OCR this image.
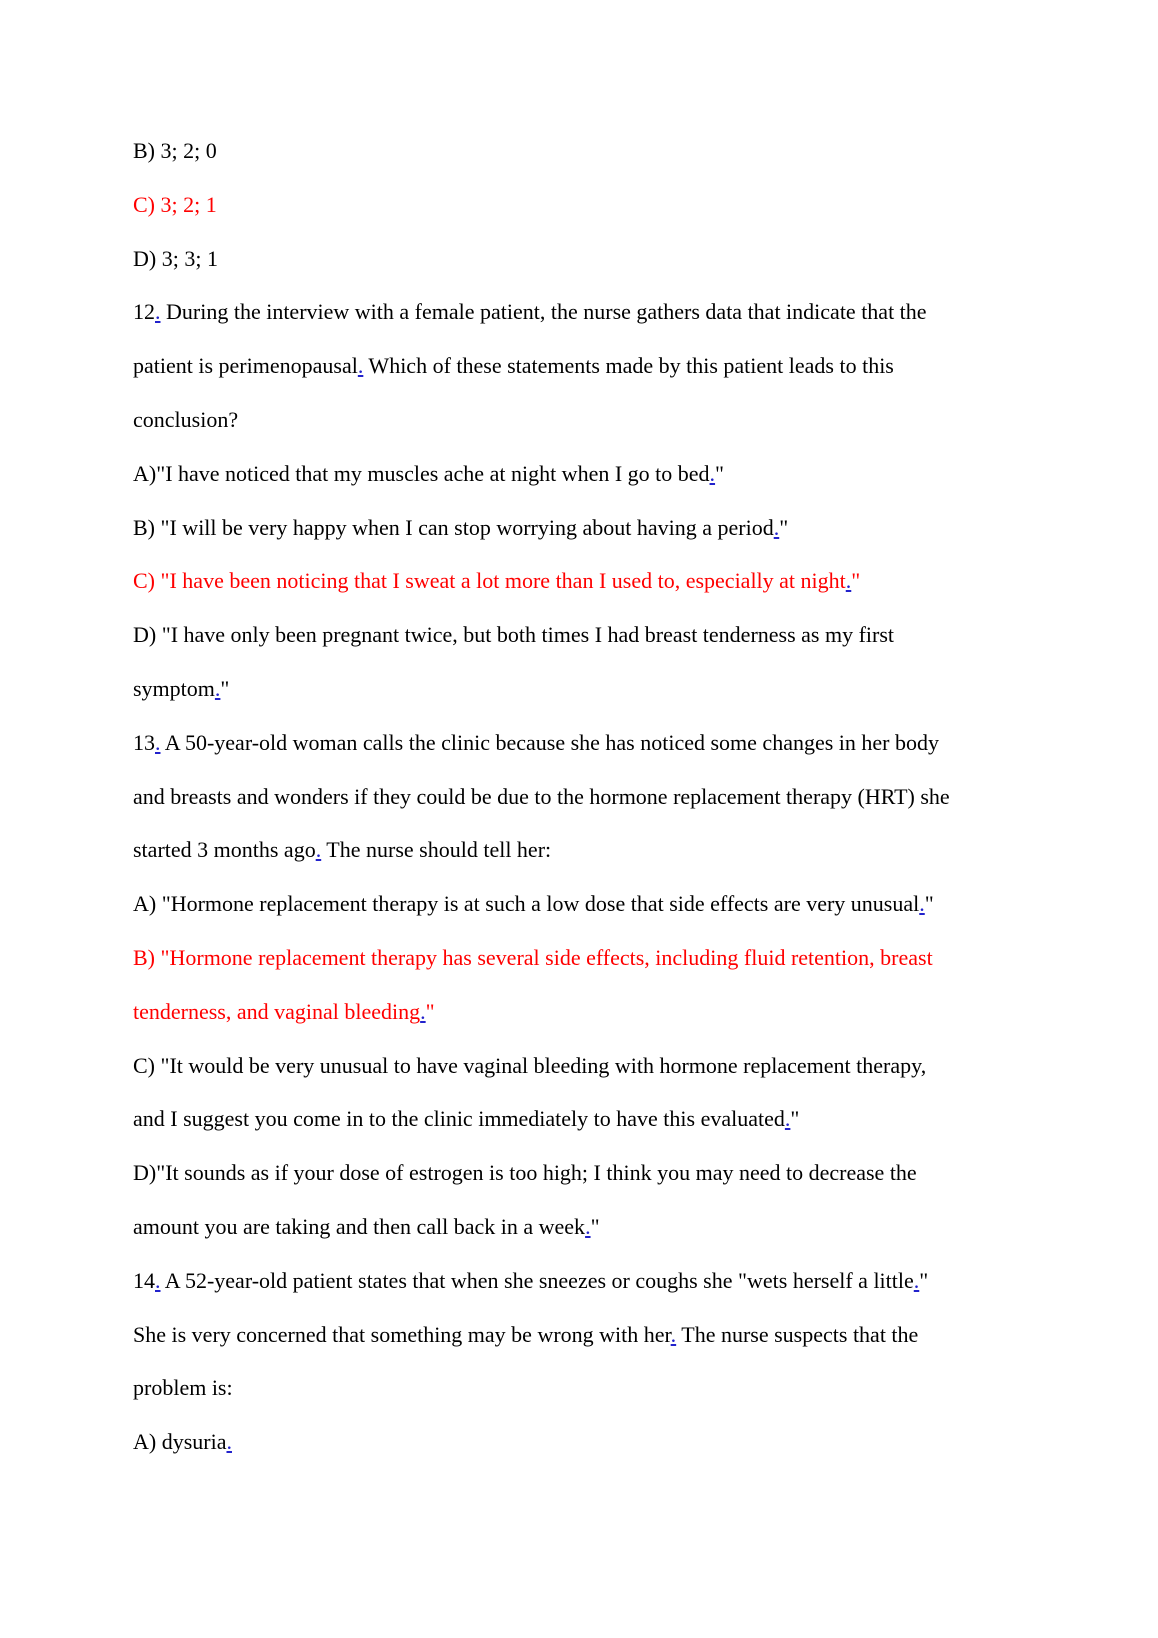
B) 3; 2; 0
C) 3; 2; 1
D) 3; 3; 1
12. During the interview with a female patient, the nurse gathers data that indicate that the
patient is perimenopausal. Which of these statements made by this patient leads to this
conclusion?
A)"I have noticed that my muscles ache at night when I go to bed."
B) "I will be very happy when I can stop worrying about having a period."
C) "I have been noticing that I sweat a lot more than I used to, especially at night."
D) "I have only been pregnant twice, but both times I had breast tenderness as my first
symptom."
13. A 50-year-old woman calls the clinic because she has noticed some changes in her body
and breasts and wonders if they could be due to the hormone replacement therapy (HRT) she
started 3 months ago. The nurse should tell her:
A) "Hormone replacement therapy is at such a low dose that side effects are very unusual."
B) "Hormone replacement therapy has several side effects, including fluid retention, breast
tenderness, and vaginal bleeding."
C) "It would be very unusual to have vaginal bleeding with hormone replacement therapy,
and I suggest you come in to the clinic immediately to have this evaluated."
D)"It sounds as if your dose of estrogen is too high; I think you may need to decrease the
amount you are taking and then call back in a week."
14. A 52-year-old patient states that when she sneezes or coughs she "wets herself a little."
She is very concerned that something may be wrong with her. The nurse suspects that the
problem is:
A) dysuria.
